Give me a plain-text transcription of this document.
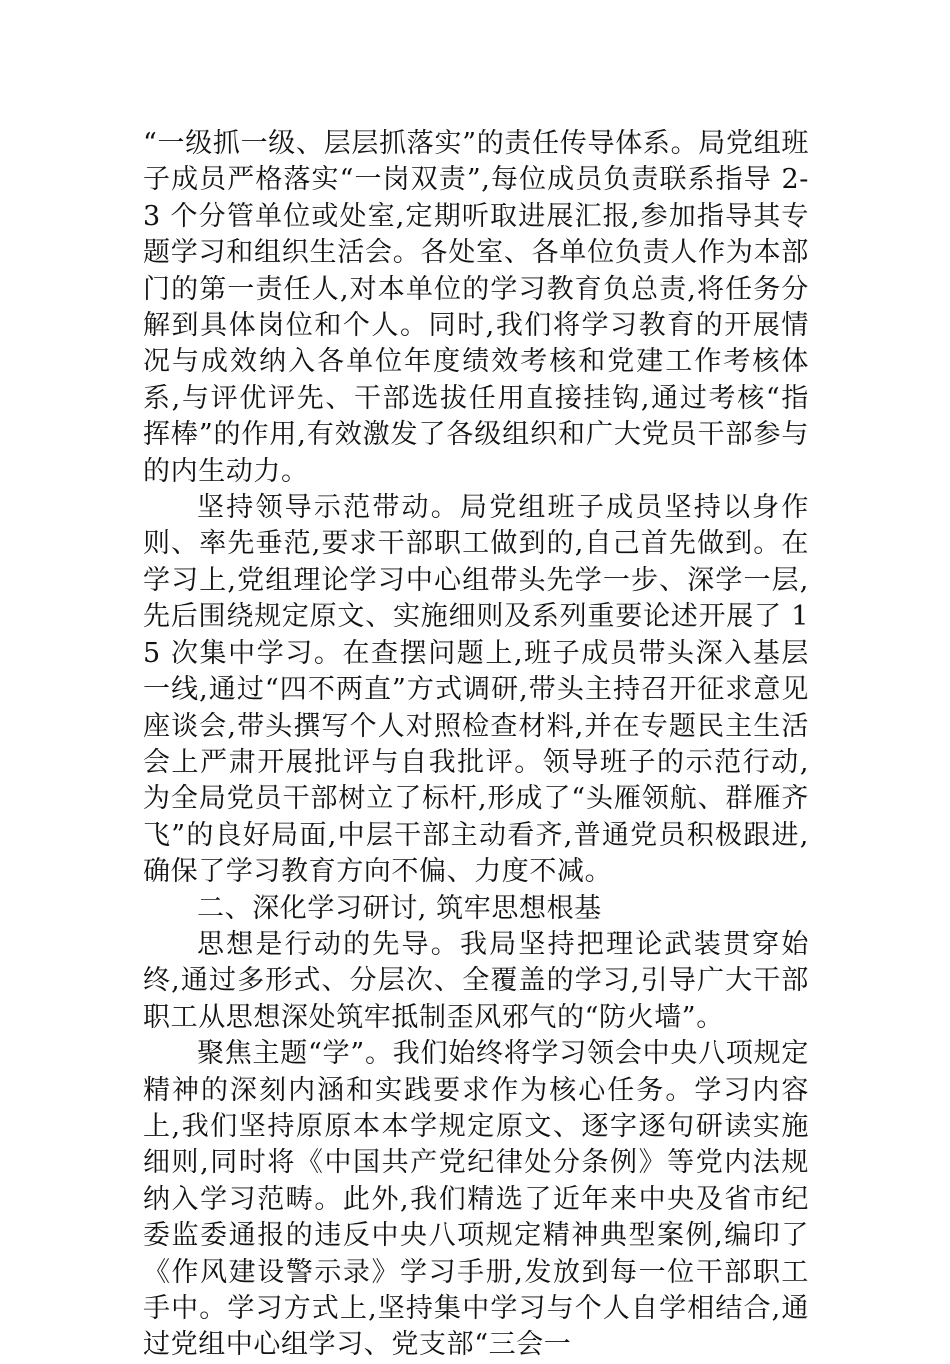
“一级抓一级、层层抓落实”的责任传导体系。局党组班子成员严格落实“一岗双责”,每位成员负责联系指导 2-3 个分管单位或处室,定期听取进展汇报,参加指导其专题学习和组织生活会。各处室、各单位负责人作为本部门的第一责任人,对本单位的学习教育负总责,将任务分解到具体岗位和个人。同时,我们将学习教育的开展情况与成效纳入各单位年度绩效考核和党建工作考核体系,与评优评先、干部选拔任用直接挂钩,通过考核“指挥棒”的作用,有效激发了各级组织和广大党员干部参与的内生动力。

坚持领导示范带动。局党组班子成员坚持以身作则、率先垂范,要求干部职工做到的,自己首先做到。在学习上,党组理论学习中心组带头先学一步、深学一层,先后围绕规定原文、实施细则及系列重要论述开展了 15 次集中学习。在查摆问题上,班子成员带头深入基层一线,通过“四不两直”方式调研,带头主持召开征求意见座谈会,带头撰写个人对照检查材料,并在专题民主生活会上严肃开展批评与自我批评。领导班子的示范行动,为全局党员干部树立了标杆,形成了“头雁领航、群雁齐飞”的良好局面,中层干部主动看齐,普通党员积极跟进,确保了学习教育方向不偏、力度不减。

二、深化学习研讨, 筑牢思想根基

思想是行动的先导。我局坚持把理论武装贯穿始终,通过多形式、分层次、全覆盖的学习,引导广大干部职工从思想深处筑牢抵制歪风邪气的“防火墙”。

聚焦主题“学”。我们始终将学习领会中央八项规定精神的深刻内涵和实践要求作为核心任务。学习内容上,我们坚持原原本本学规定原文、逐字逐句研读实施细则,同时将《中国共产党纪律处分条例》等党内法规纳入学习范畴。此外,我们精选了近年来中央及省市纪委监委通报的违反中央八项规定精神典型案例,编印了《作风建设警示录》学习手册,发放到每一位干部职工手中。学习方式上,坚持集中学习与个人自学相结合,通过党组中心组学习、党支部“三会一
